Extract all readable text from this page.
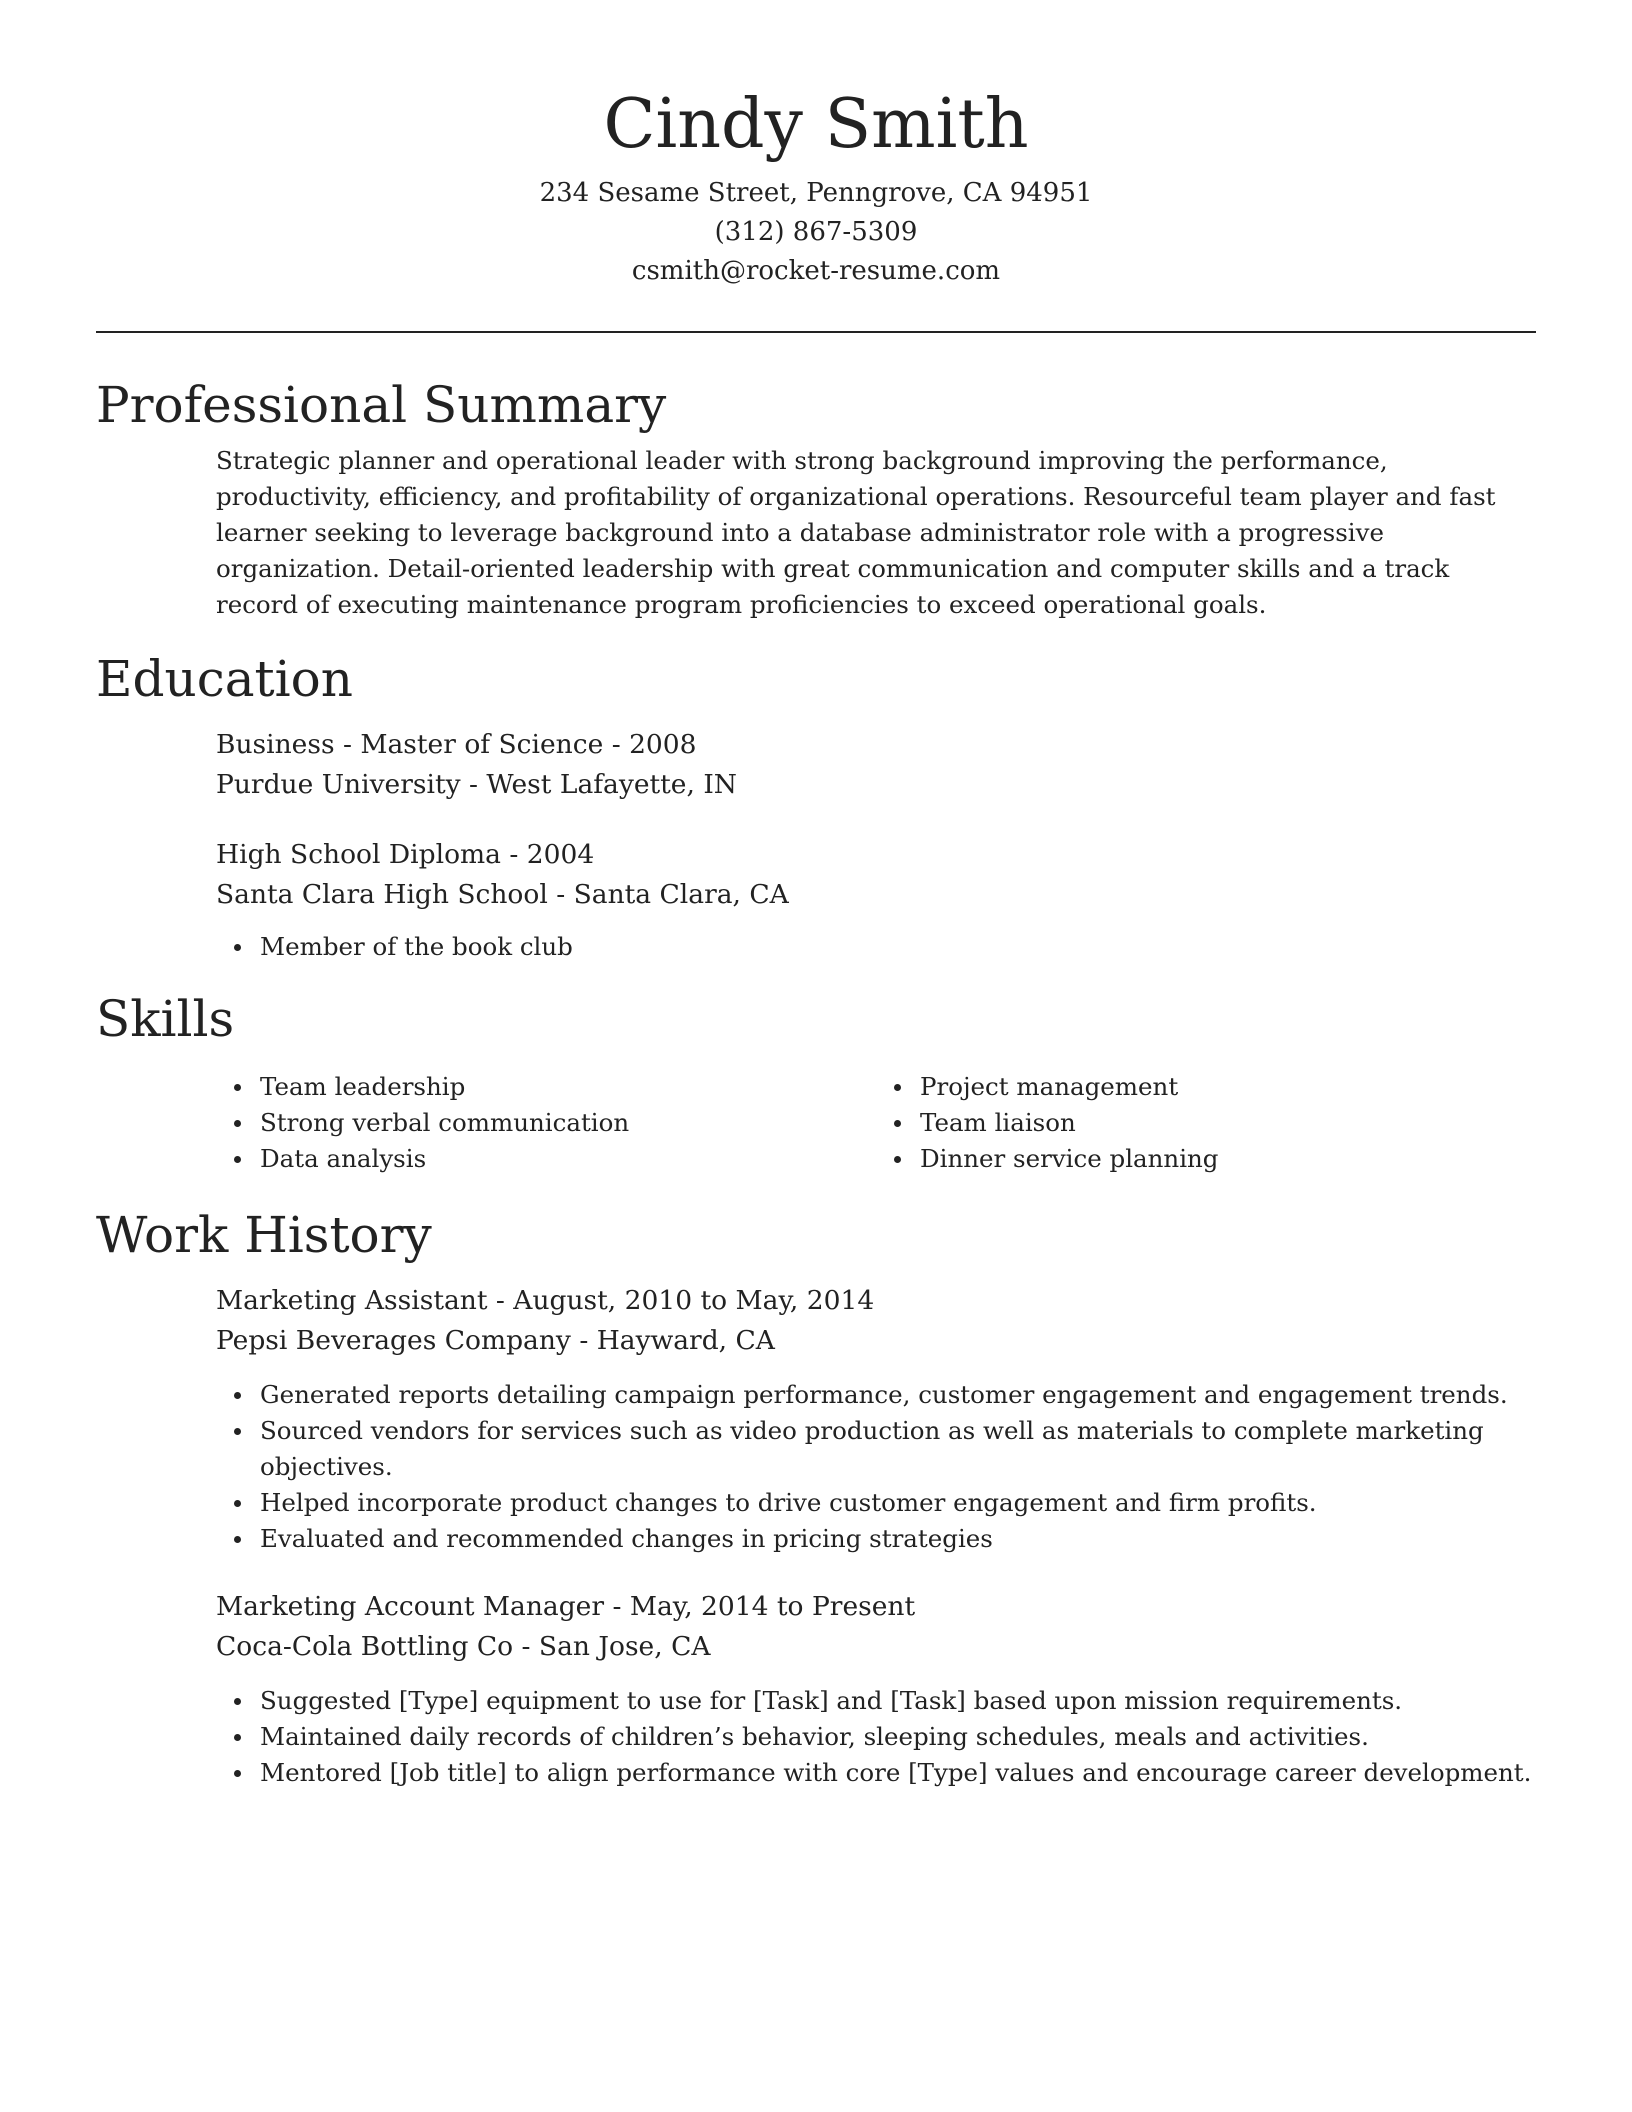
Cindy Smith
234 Sesame Street, Penngrove, CA 94951
(312) 867-5309
csmith@rocket-resume.com
Professional Summary

Strategic planner and operational leader with strong background improving the performance, productivity, efficiency, and profitability of organizational operations. Resourceful team player and fast learner seeking to leverage background into a database administrator role with a progressive organization. Detail-oriented leadership with great communication and computer skills and a track record of executing maintenance program proficiencies to exceed operational goals.

Education

Business - Master of Science - 2008

Purdue University - West Lafayette, IN

High School Diploma - 2004

Santa Clara High School - Santa Clara, CA

Member of the book club
Skills
Team leadership
Strong verbal communication
Data analysis
Project management
Team liaison
Dinner service planning
Work History

Marketing Assistant - August, 2010 to May, 2014

Pepsi Beverages Company - Hayward, CA

Generated reports detailing campaign performance, customer engagement and engagement trends.
Sourced vendors for services such as video production as well as materials to complete marketing objectives.
Helped incorporate product changes to drive customer engagement and firm profits.
Evaluated and recommended changes in pricing strategies

Marketing Account Manager - May, 2014 to Present

Coca-Cola Bottling Co - San Jose, CA

Suggested [Type] equipment to use for [Task] and [Task] based upon mission requirements.
Maintained daily records of children’s behavior, sleeping schedules, meals and activities.
Mentored [Job title] to align performance with core [Type] values and encourage career development.
